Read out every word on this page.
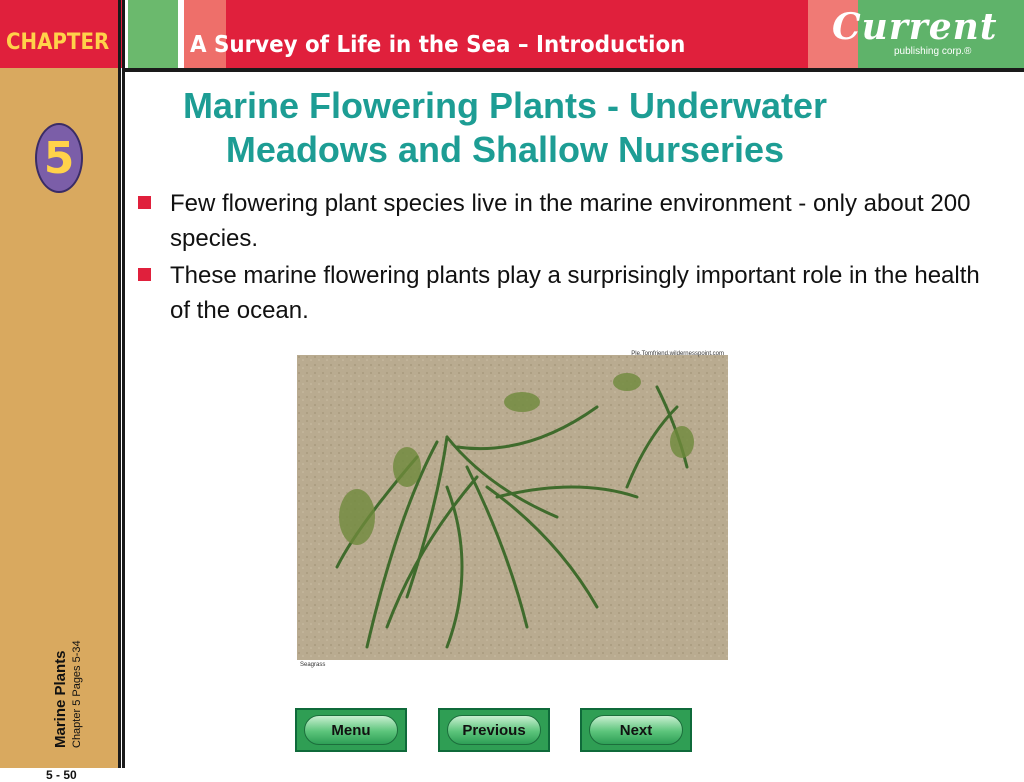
CHAPTER	A Survey of Life in the Sea – Introduction	Current
publishing corp.®
5
Marine Plants Chapter 5 Pages 5-34
5 - 50
Marine Flowering Plants - Underwater
Meadows and Shallow Nurseries
Few flowering plant species live in the marine environment - only about 200 species.
These marine flowering plants play a surprisingly important role in the health of the ocean.
Ple.Tomfriend.wildernesspoint.com
Seagrass
Menu	Previous	Next
